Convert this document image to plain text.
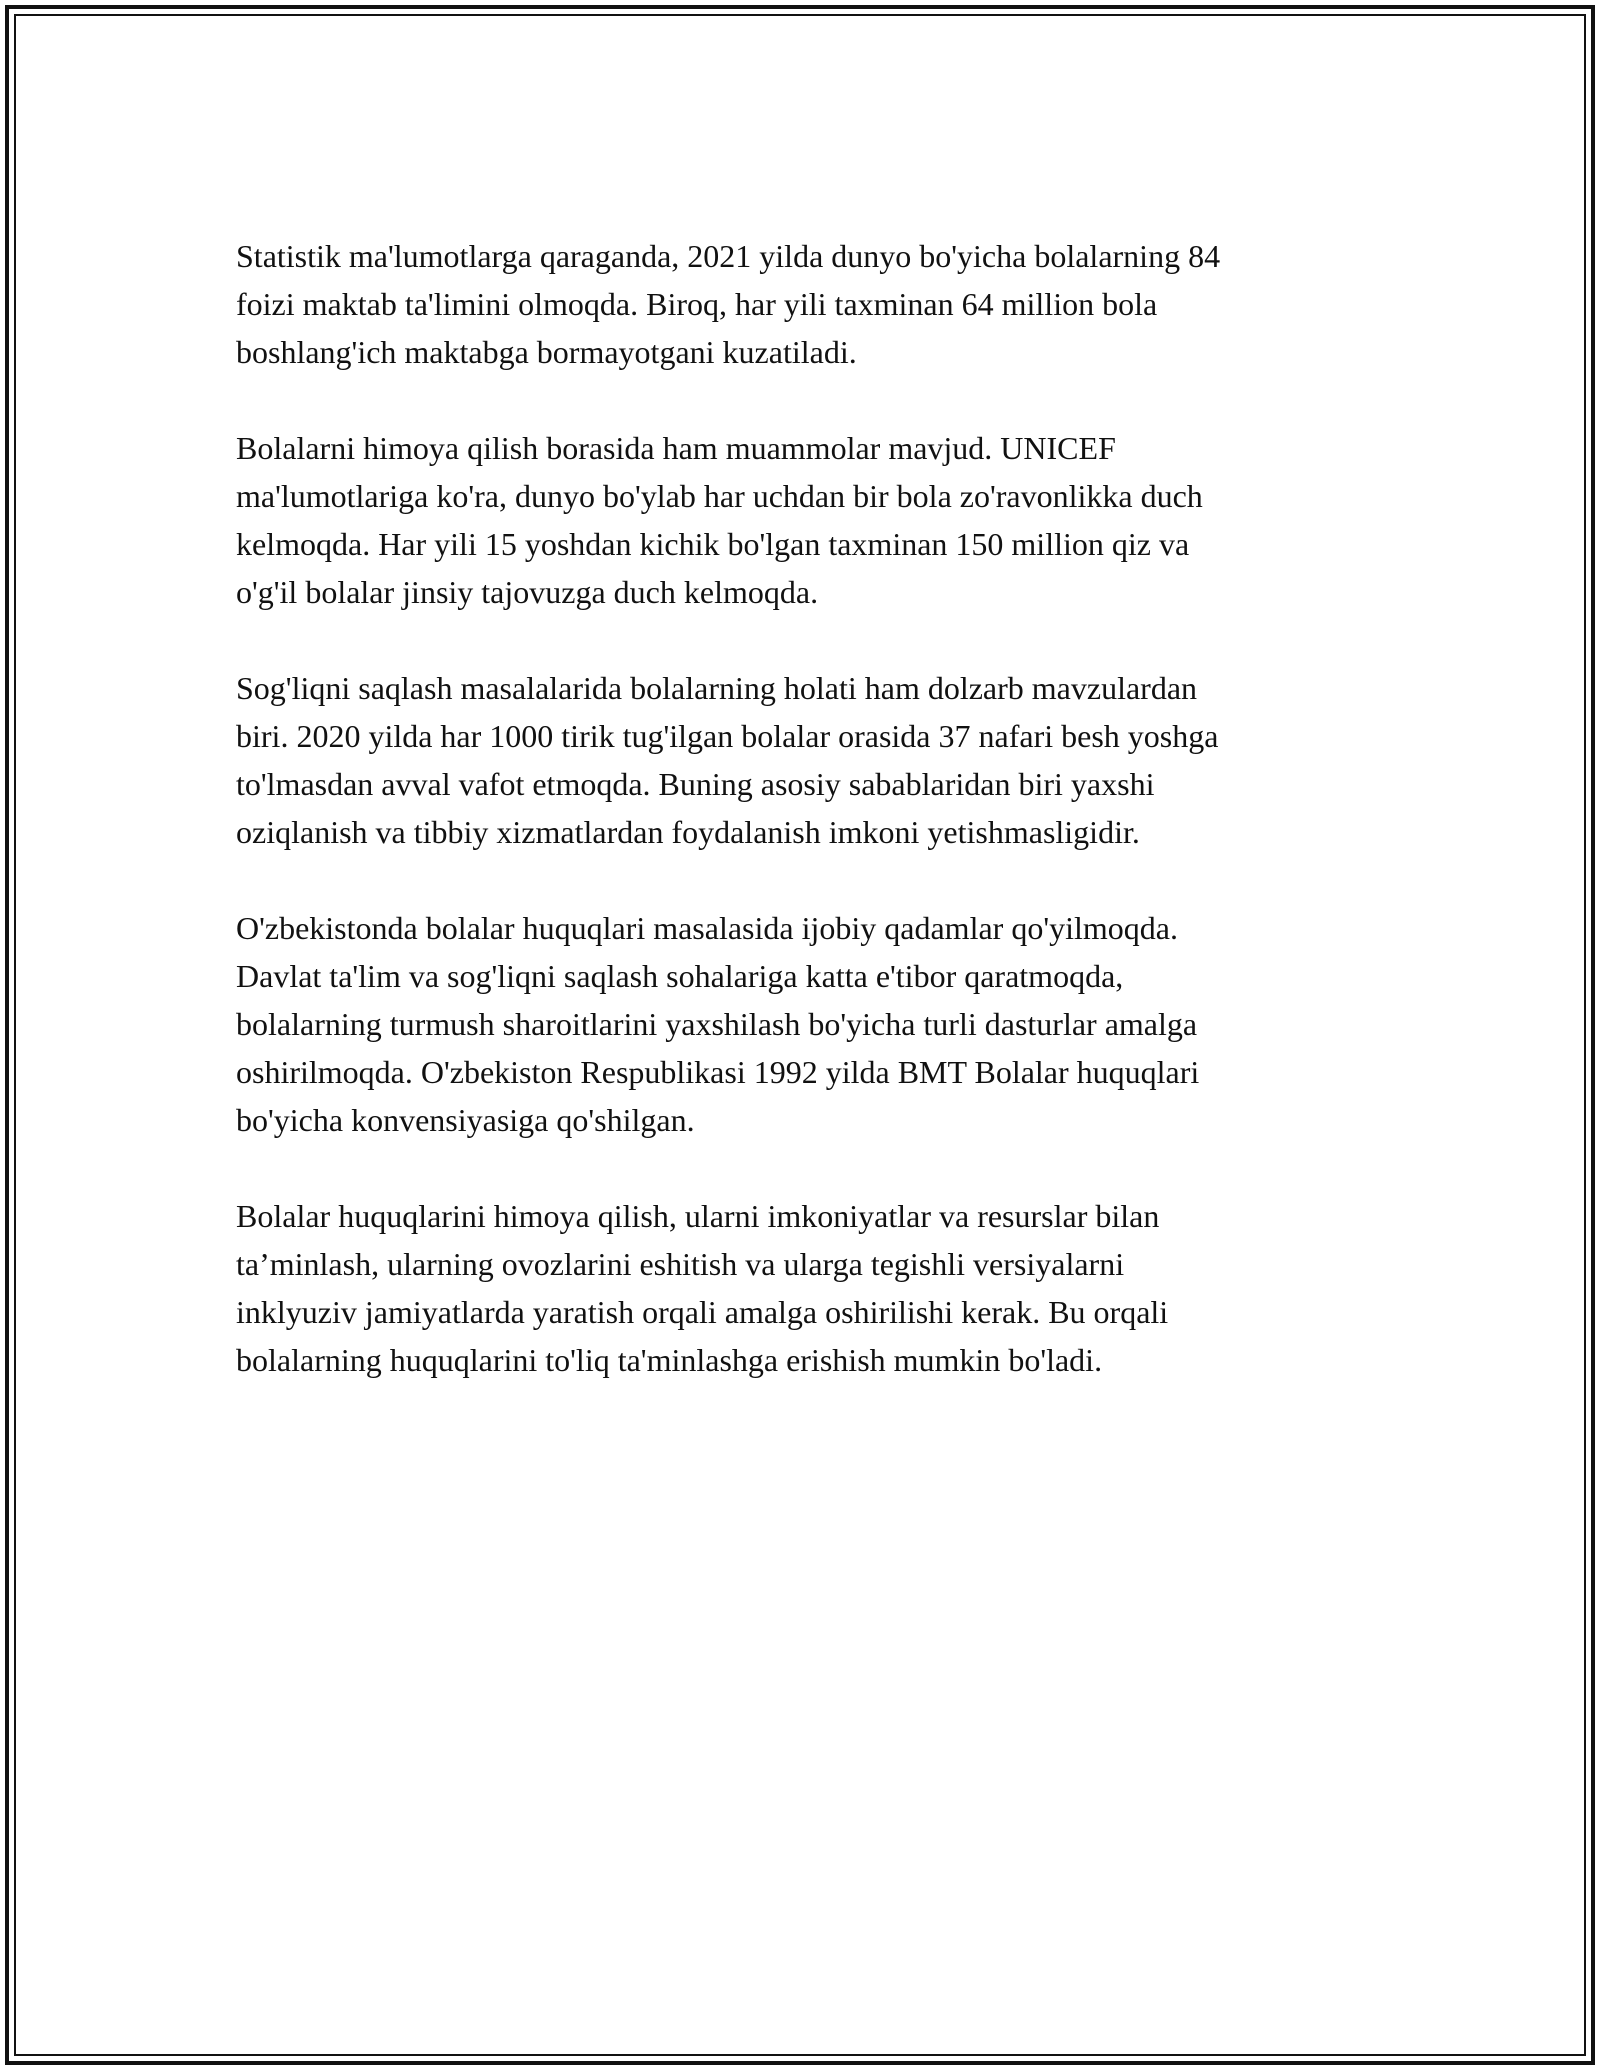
Statistik ma'lumotlarga qaraganda, 2021 yilda dunyo bo'yicha bolalarning 84
foizi maktab ta'limini olmoqda. Biroq, har yili taxminan 64 million bola
boshlang'ich maktabga bormayotgani kuzatiladi.

Bolalarni himoya qilish borasida ham muammolar mavjud. UNICEF
ma'lumotlariga ko'ra, dunyo bo'ylab har uchdan bir bola zo'ravonlikka duch
kelmoqda. Har yili 15 yoshdan kichik bo'lgan taxminan 150 million qiz va
o'g'il bolalar jinsiy tajovuzga duch kelmoqda.

Sog'liqni saqlash masalalarida bolalarning holati ham dolzarb mavzulardan
biri. 2020 yilda har 1000 tirik tug'ilgan bolalar orasida 37 nafari besh yoshga
to'lmasdan avval vafot etmoqda. Buning asosiy sabablaridan biri yaxshi
oziqlanish va tibbiy xizmatlardan foydalanish imkoni yetishmasligidir.

O'zbekistonda bolalar huquqlari masalasida ijobiy qadamlar qo'yilmoqda.
Davlat ta'lim va sog'liqni saqlash sohalariga katta e'tibor qaratmoqda,
bolalarning turmush sharoitlarini yaxshilash bo'yicha turli dasturlar amalga
oshirilmoqda. O'zbekiston Respublikasi 1992 yilda BMT Bolalar huquqlari
bo'yicha konvensiyasiga qo'shilgan.

Bolalar huquqlarini himoya qilish, ularni imkoniyatlar va resurslar bilan
ta’minlash, ularning ovozlarini eshitish va ularga tegishli versiyalarni
inklyuziv jamiyatlarda yaratish orqali amalga oshirilishi kerak. Bu orqali
bolalarning huquqlarini to'liq ta'minlashga erishish mumkin bo'ladi.
